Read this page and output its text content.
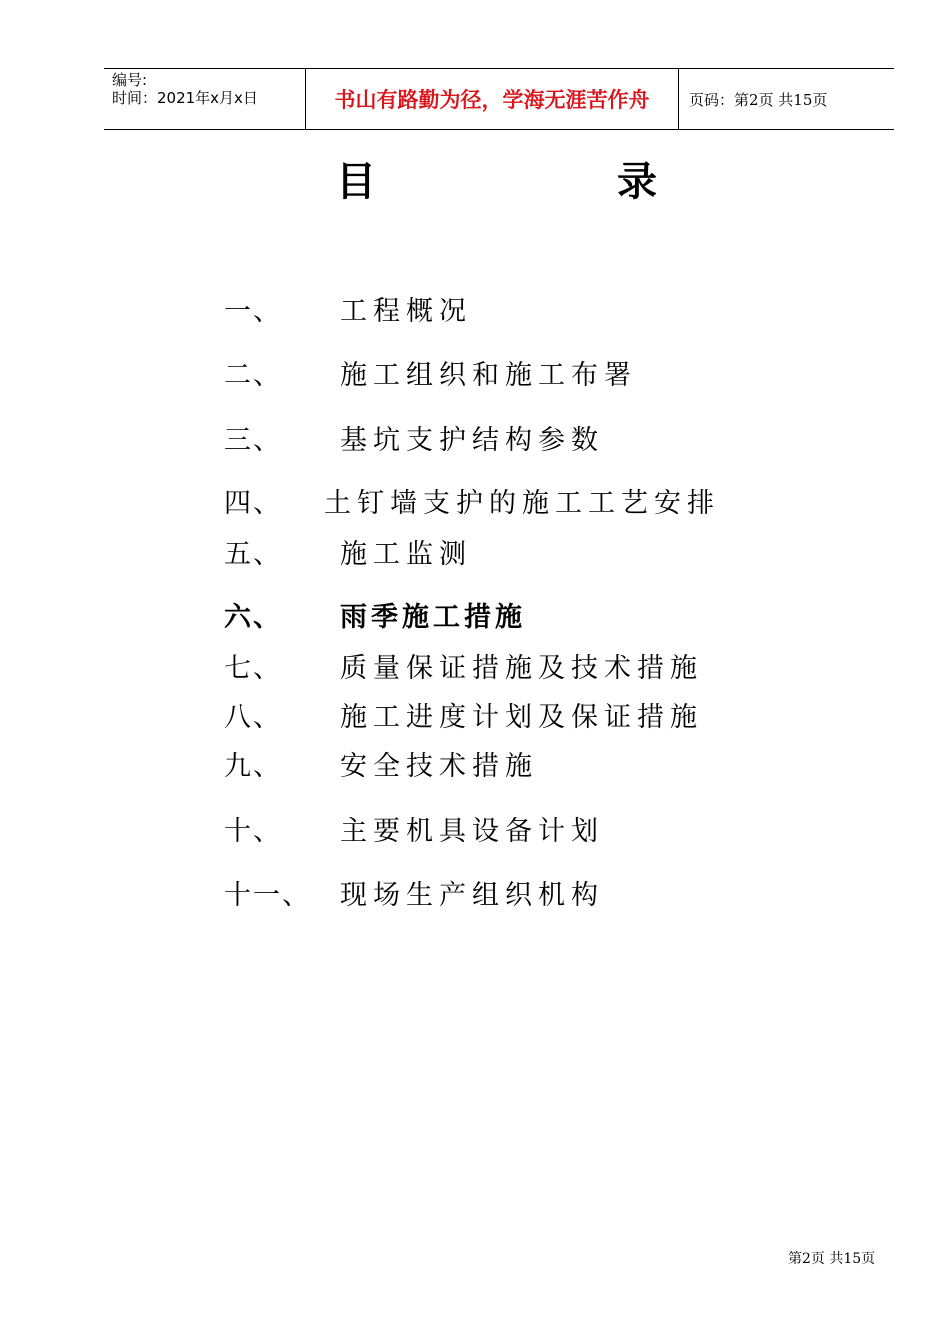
编号:
时间：2021年x月x日	书山有路勤为径，学海无涯苦作舟	页码：第2页 共15页
目	录
一、 工程概况
二、 施工组织和施工布署
三、 基坑支护结构参数
四、 土钉墙支护的施工工艺安排
五、 施工监测
六、 雨季施工措施
七、 质量保证措施及技术措施
八、 施工进度计划及保证措施
九、 安全技术措施
十、 主要机具设备计划
十一、 现场生产组织机构
第2页 共15页
